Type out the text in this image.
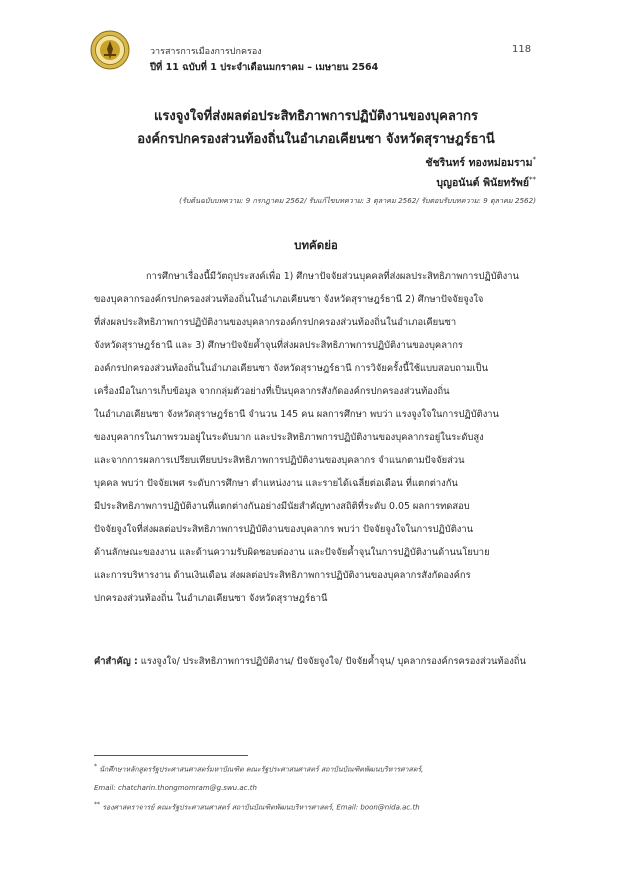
วารสารการเมืองการปกครอง
ปีที่ 11 ฉบับที่ 1 ประจำเดือนมกราคม – เมษายน 2564
118
แรงจูงใจที่ส่งผลต่อประสิทธิภาพการปฏิบัติงานของบุคลากร
องค์กรปกครองส่วนท้องถิ่นในอำเภอเคียนซา จังหวัดสุราษฎร์ธานี
ชัชรินทร์ ทองหม่อมราม*
บุญอนันต์ พินัยทรัพย์**
(รับต้นฉบับบทความ: 9 กรกฎาคม 2562/ รับแก้ไขบทความ: 3 ตุลาคม 2562/ รับตอบรับบทความ: 9 ตุลาคม 2562)
บทคัดย่อ
การศึกษาเรื่องนี้มีวัตถุประสงค์เพื่อ 1) ศึกษาปัจจัยส่วนบุคคลที่ส่งผลประสิทธิภาพการปฏิบัติงาน
ของบุคลากรองค์กรปกครองส่วนท้องถิ่นในอำเภอเคียนซา จังหวัดสุราษฎร์ธานี 2) ศึกษาปัจจัยจูงใจ
ที่ส่งผลประสิทธิภาพการปฏิบัติงานของบุคลากรองค์กรปกครองส่วนท้องถิ่นในอำเภอเคียนซา
จังหวัดสุราษฎร์ธานี และ 3) ศึกษาปัจจัยค้ำจุนที่ส่งผลประสิทธิภาพการปฏิบัติงานของบุคลากร
องค์กรปกครองส่วนท้องถิ่นในอำเภอเคียนซา จังหวัดสุราษฎร์ธานี การวิจัยครั้งนี้ใช้แบบสอบถามเป็น
เครื่องมือในการเก็บข้อมูล จากกลุ่มตัวอย่างที่เป็นบุคลากรสังกัดองค์กรปกครองส่วนท้องถิ่น
ในอำเภอเคียนซา จังหวัดสุราษฎร์ธานี จำนวน 145 คน ผลการศึกษา พบว่า แรงจูงใจในการปฏิบัติงาน
ของบุคลากรในภาพรวมอยู่ในระดับมาก และประสิทธิภาพการปฏิบัติงานของบุคลากรอยู่ในระดับสูง
และจากการผลการเปรียบเทียบประสิทธิภาพการปฏิบัติงานของบุคลากร จำแนกตามปัจจัยส่วน
บุคคล พบว่า ปัจจัยเพศ ระดับการศึกษา ตำแหน่งงาน และรายได้เฉลี่ยต่อเดือน ที่แตกต่างกัน
มีประสิทธิภาพการปฏิบัติงานที่แตกต่างกันอย่างมีนัยสำคัญทางสถิติที่ระดับ 0.05 ผลการทดสอบ
ปัจจัยจูงใจที่ส่งผลต่อประสิทธิภาพการปฏิบัติงานของบุคลากร พบว่า ปัจจัยจูงใจในการปฏิบัติงาน
ด้านลักษณะของงาน และด้านความรับผิดชอบต่องาน และปัจจัยค้ำจุนในการปฏิบัติงานด้านนโยบาย
และการบริหารงาน ด้านเงินเดือน ส่งผลต่อประสิทธิภาพการปฏิบัติงานของบุคลากรสังกัดองค์กร
ปกครองส่วนท้องถิ่น ในอำเภอเคียนซา จังหวัดสุราษฎร์ธานี
คำสำคัญ : แรงจูงใจ/ ประสิทธิภาพการปฏิบัติงาน/ ปัจจัยจูงใจ/ ปัจจัยค้ำจุน/ บุคลากรองค์กรครองส่วนท้องถิ่น
* นักศึกษาหลักสูตรรัฐประศาสนศาสตร์มหาบัณฑิต คณะรัฐประศาสนศาสตร์ สถาบันบัณฑิตพัฒนบริหารศาสตร์,
Email: chatcharin.thongmomram@g.swu.ac.th
** รองศาสตราจารย์ คณะรัฐประศาสนศาสตร์ สถาบันบัณฑิตพัฒนบริหารศาสตร์, Email: boon@nida.ac.th
